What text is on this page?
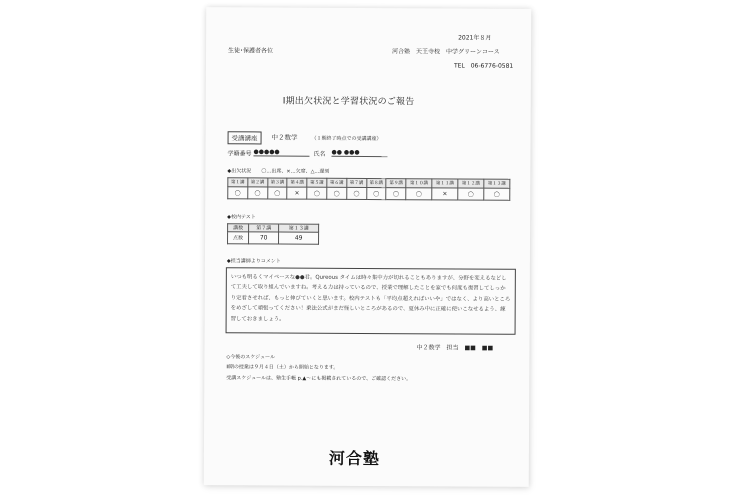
生徒･保護者各位
2021年８月
河合塾　天王寺校　中学グリーンコース
TEL　06-6776-0581
Ⅰ期出欠状況と学習状況のご報告
受講講座	中２数学	（１期終了時点での受講講座）
学籍番号 ●●●●●	氏名 ●● ●●●
◆出欠状況 〇…出席、×…欠席、△…遅刻
第１講	第２講	第３講	第４講	第５講	第６講	第７講	第８講	第９講	第１０講	第１１講	第１２講	第１３講
〇	〇	〇	×	〇	〇	〇	〇	〇	〇	×	〇	〇
◆校内テスト
講数	第７講	第１３講
点数	70	49
◆担当講師よりコメント
いつも明るくマイペースな●●君。Qureous タイムは時々集中力が切れることもありますが、分野を変えるなどして工夫して取り組んでいますね。考える力は持っているので、授業で理解したことを家でも何度も復習してしっかり定着させれば、もっと伸びていくと思います。校内テストも「平均点超えればいいや」ではなく、より高いところをめざして頑張ってください！乗法公式がまだ怪しいところがあるので、夏休み中に正確に使いこなせるよう、練習しておきましょう。
中２数学　担当　■■　■■
◇今後のスケジュール
Ⅱ期の授業は９月４日（土）から開始となります。
受講スケジュールは、塾生手帳 p.▲～にも掲載されているので、ご確認ください。
河合塾
